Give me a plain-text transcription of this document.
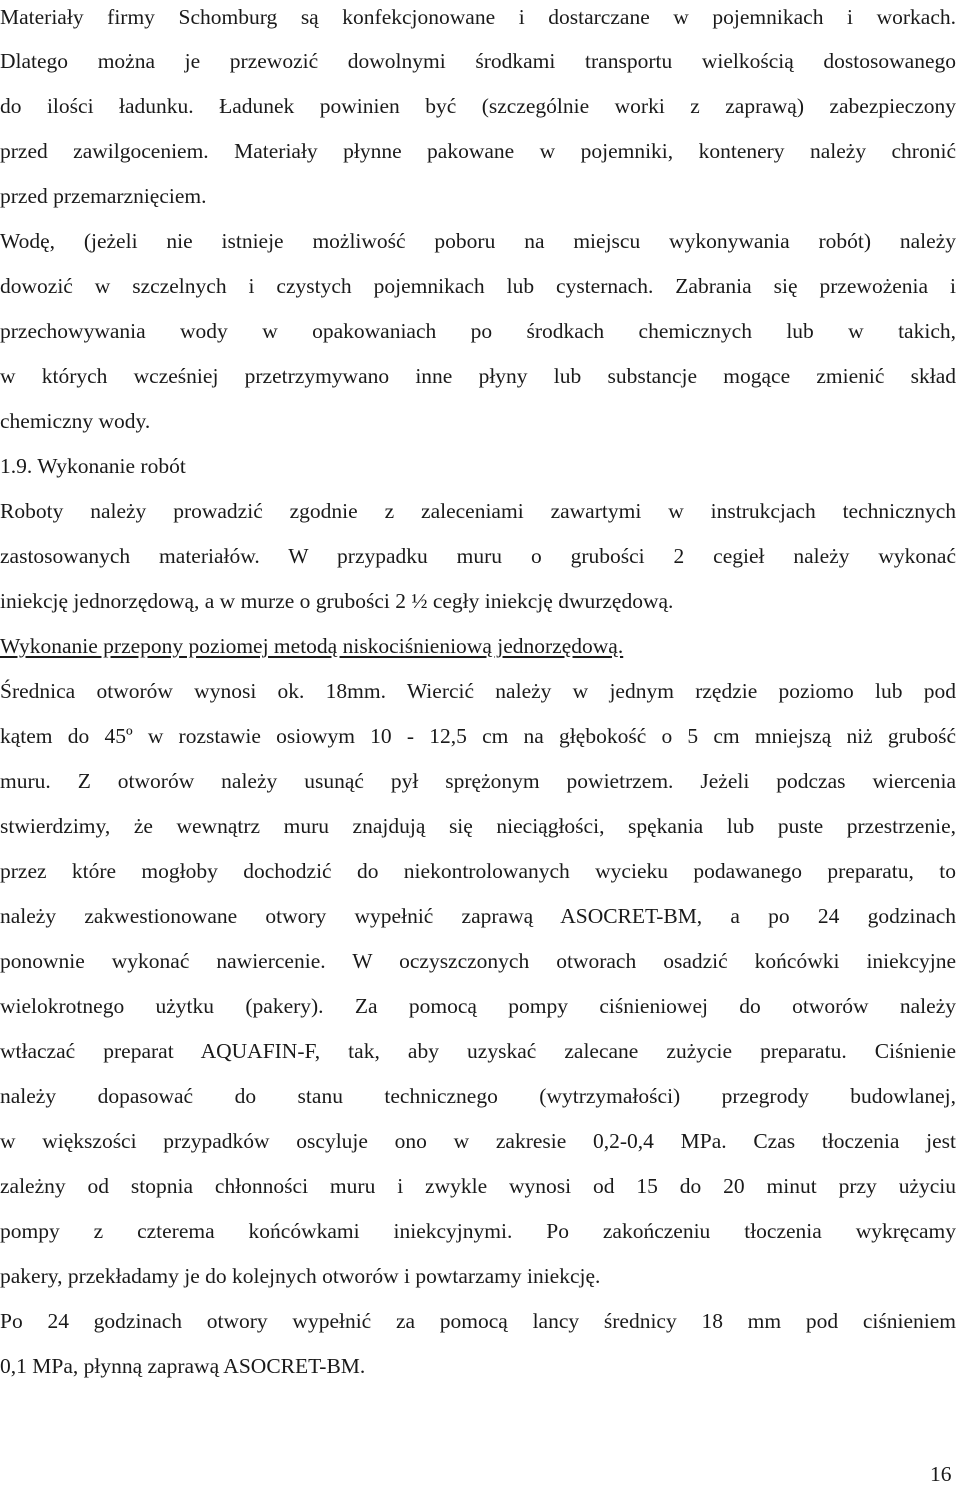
Materiały firmy Schomburg są konfekcjonowane i dostarczane w pojemnikach i workach.
Dlatego można je przewozić dowolnymi środkami transportu wielkością dostosowanego
do ilości ładunku. Ładunek powinien być (szczególnie worki z zaprawą) zabezpieczony
przed zawilgoceniem. Materiały płynne pakowane w pojemniki, kontenery należy chronić
przed przemarznięciem.
Wodę, (jeżeli nie istnieje możliwość poboru na miejscu wykonywania robót) należy
dowozić w szczelnych i czystych pojemnikach lub cysternach. Zabrania się przewożenia i
przechowywania wody w opakowaniach po środkach chemicznych lub w takich,
w których wcześniej przetrzymywano inne płyny lub substancje mogące zmienić skład
chemiczny wody.
1.9. Wykonanie robót
Roboty należy prowadzić zgodnie z zaleceniami zawartymi w instrukcjach technicznych
zastosowanych materiałów. W przypadku muru o grubości 2 cegieł należy wykonać
iniekcję jednorzędową, a w murze o grubości 2 ½ cegły iniekcję dwurzędową.
Wykonanie przepony poziomej metodą niskociśnieniową jednorzędową.
Średnica otworów wynosi ok. 18mm. Wiercić należy w jednym rzędzie poziomo lub pod
kątem do 45º w rozstawie osiowym 10 - 12,5 cm na głębokość o 5 cm mniejszą niż grubość
muru. Z otworów należy usunąć pył sprężonym powietrzem. Jeżeli podczas wiercenia
stwierdzimy, że wewnątrz muru znajdują się nieciągłości, spękania lub puste przestrzenie,
przez które mogłoby dochodzić do niekontrolowanych wycieku podawanego preparatu, to
należy zakwestionowane otwory wypełnić zaprawą ASOCRET-BM, a po 24 godzinach
ponownie wykonać nawiercenie. W oczyszczonych otworach osadzić końcówki iniekcyjne
wielokrotnego użytku (pakery). Za pomocą pompy ciśnieniowej do otworów należy
wtłaczać preparat AQUAFIN-F, tak, aby uzyskać zalecane zużycie preparatu. Ciśnienie
należy dopasować do stanu technicznego (wytrzymałości) przegrody budowlanej,
w większości przypadków oscyluje ono w zakresie 0,2-0,4 MPa. Czas tłoczenia jest
zależny od stopnia chłonności muru i zwykle wynosi od 15 do 20 minut przy użyciu
pompy z czterema końcówkami iniekcyjnymi. Po zakończeniu tłoczenia wykręcamy
pakery, przekładamy je do kolejnych otworów i powtarzamy iniekcję.
Po 24 godzinach otwory wypełnić za pomocą lancy średnicy 18 mm pod ciśnieniem
0,1 MPa, płynną zaprawą ASOCRET-BM.
16
